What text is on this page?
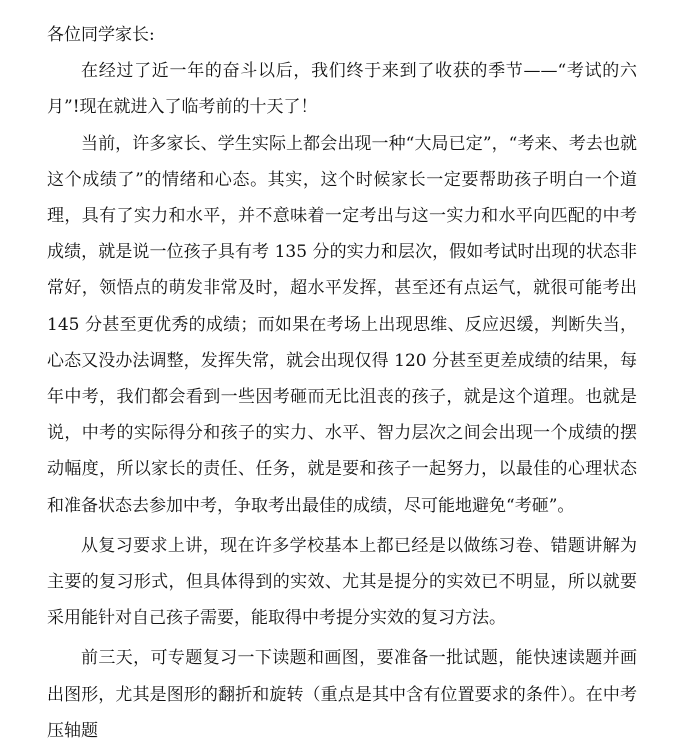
各位同学家长:

在经过了近一年的奋斗以后，我们终于来到了收获的季节——“考试的六月”!现在就进入了临考前的十天了！

当前，许多家长、学生实际上都会出现一种“大局已定”，“考来、考去也就这个成绩了”的情绪和心态。其实，这个时候家长一定要帮助孩子明白一个道理，具有了实力和水平，并不意味着一定考出与这一实力和水平向匹配的中考成绩，就是说一位孩子具有考 135 分的实力和层次，假如考试时出现的状态非常好，领悟点的萌发非常及时，超水平发挥，甚至还有点运气，就很可能考出 145 分甚至更优秀的成绩；而如果在考场上出现思维、反应迟缓，判断失当，心态又没办法调整，发挥失常，就会出现仅得 120 分甚至更差成绩的结果，每年中考，我们都会看到一些因考砸而无比沮丧的孩子，就是这个道理。也就是说，中考的实际得分和孩子的实力、水平、智力层次之间会出现一个成绩的摆动幅度，所以家长的责任、任务，就是要和孩子一起努力，以最佳的心理状态和准备状态去参加中考，争取考出最佳的成绩，尽可能地避免“考砸”。

从复习要求上讲，现在许多学校基本上都已经是以做练习卷、错题讲解为主要的复习形式，但具体得到的实效、尤其是提分的实效已不明显，所以就要采用能针对自己孩子需要，能取得中考提分实效的复习方法。

前三天，可专题复习一下读题和画图，要准备一批试题，能快速读题并画出图形，尤其是图形的翻折和旋转（重点是其中含有位置要求的条件）。在中考压轴题
